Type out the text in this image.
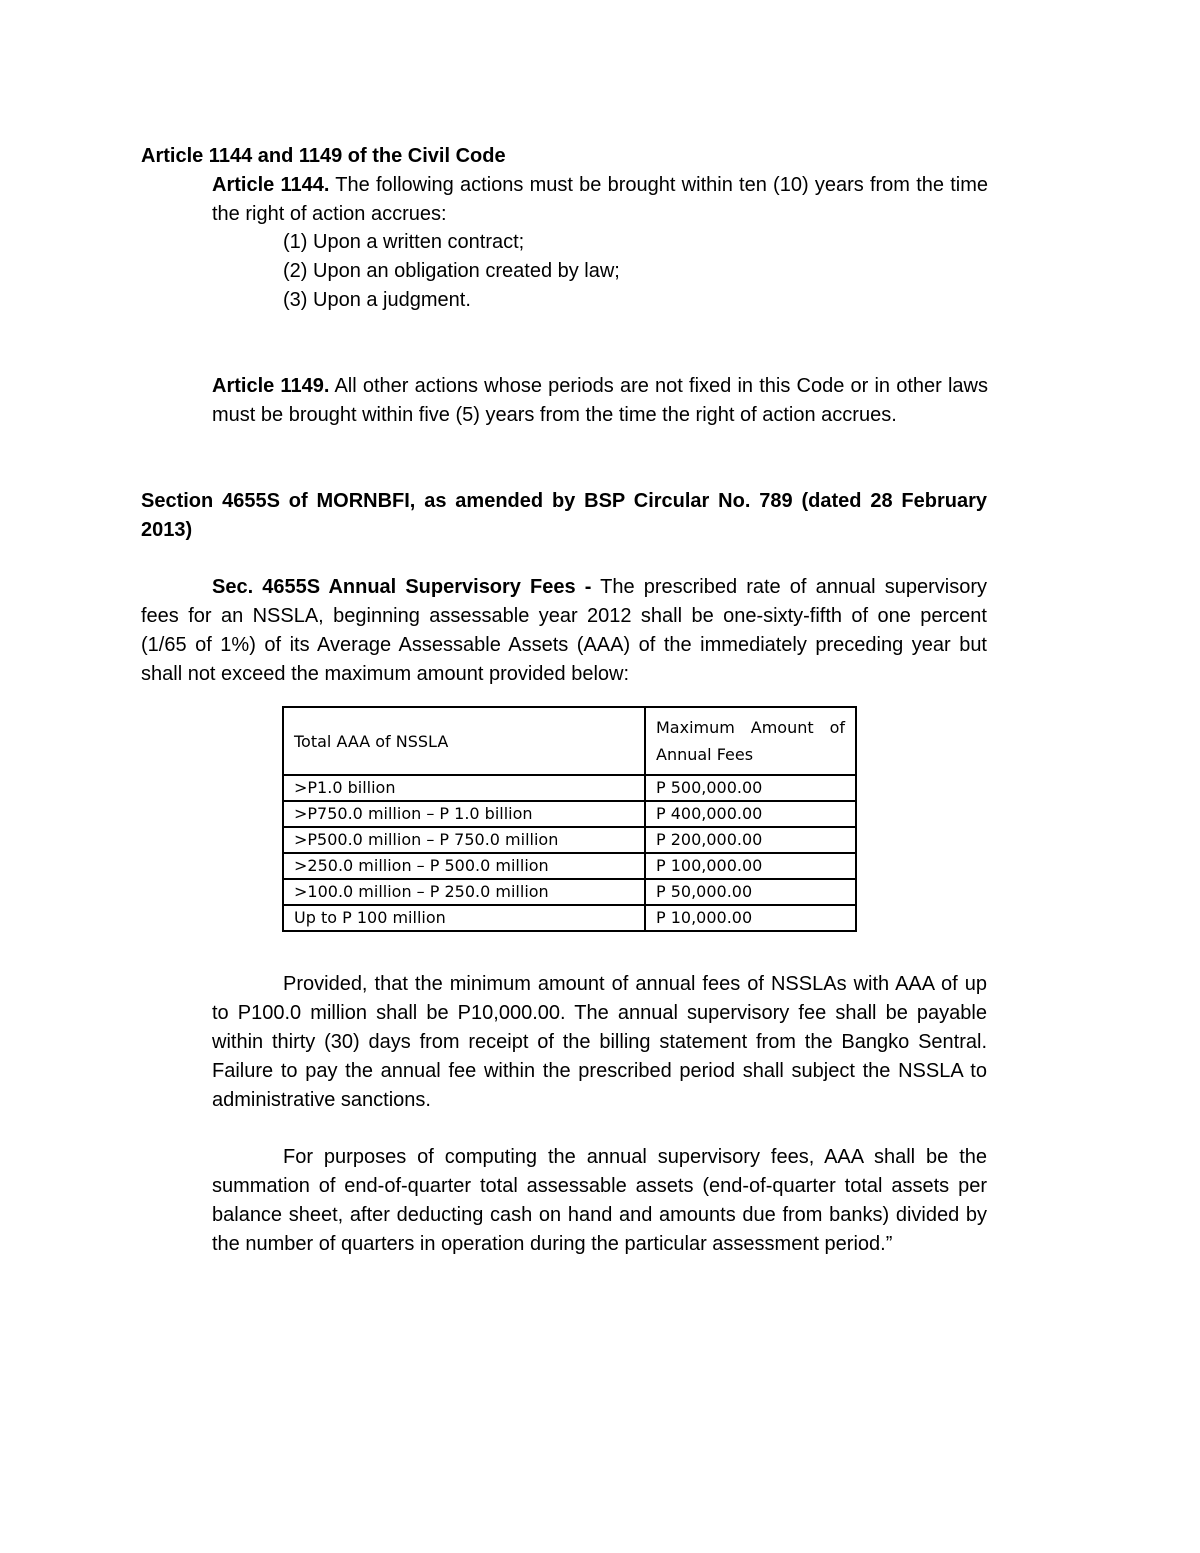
Article 1144 and 1149 of the Civil Code
Article 1144. The following actions must be brought within ten (10) years from the time the right of action accrues:
(1) Upon a written contract;
(2) Upon an obligation created by law;
(3) Upon a judgment.
Article 1149. All other actions whose periods are not fixed in this Code or in other laws must be brought within five (5) years from the time the right of action accrues.
Section 4655S of MORNBFI, as amended by BSP Circular No. 789 (dated 28 February 2013)
Sec. 4655S Annual Supervisory Fees - The prescribed rate of annual supervisory fees for an NSSLA, beginning assessable year 2012 shall be one-sixty-fifth of one percent (1/65 of 1%) of its Average Assessable Assets (AAA) of the immediately preceding year but shall not exceed the maximum amount provided below:
Total AAA of NSSLA	Maximum Amount of Annual Fees

>P1.0 billion	P 500,000.00
>P750.0 million – P 1.0 billion	P 400,000.00
>P500.0 million – P 750.0 million	P 200,000.00
>250.0 million – P 500.0 million	P 100,000.00
>100.0 million – P 250.0 million	P 50,000.00
Up to P 100 million	P 10,000.00
Provided, that the minimum amount of annual fees of NSSLAs with AAA of up to P100.0 million shall be P10,000.00. The annual supervisory fee shall be payable within thirty (30) days from receipt of the billing statement from the Bangko Sentral. Failure to pay the annual fee within the prescribed period shall subject the NSSLA to administrative sanctions.
For purposes of computing the annual supervisory fees, AAA shall be the summation of end-of-quarter total assessable assets (end-of-quarter total assets per balance sheet, after deducting cash on hand and amounts due from banks) divided by the number of quarters in operation during the particular assessment period.”
